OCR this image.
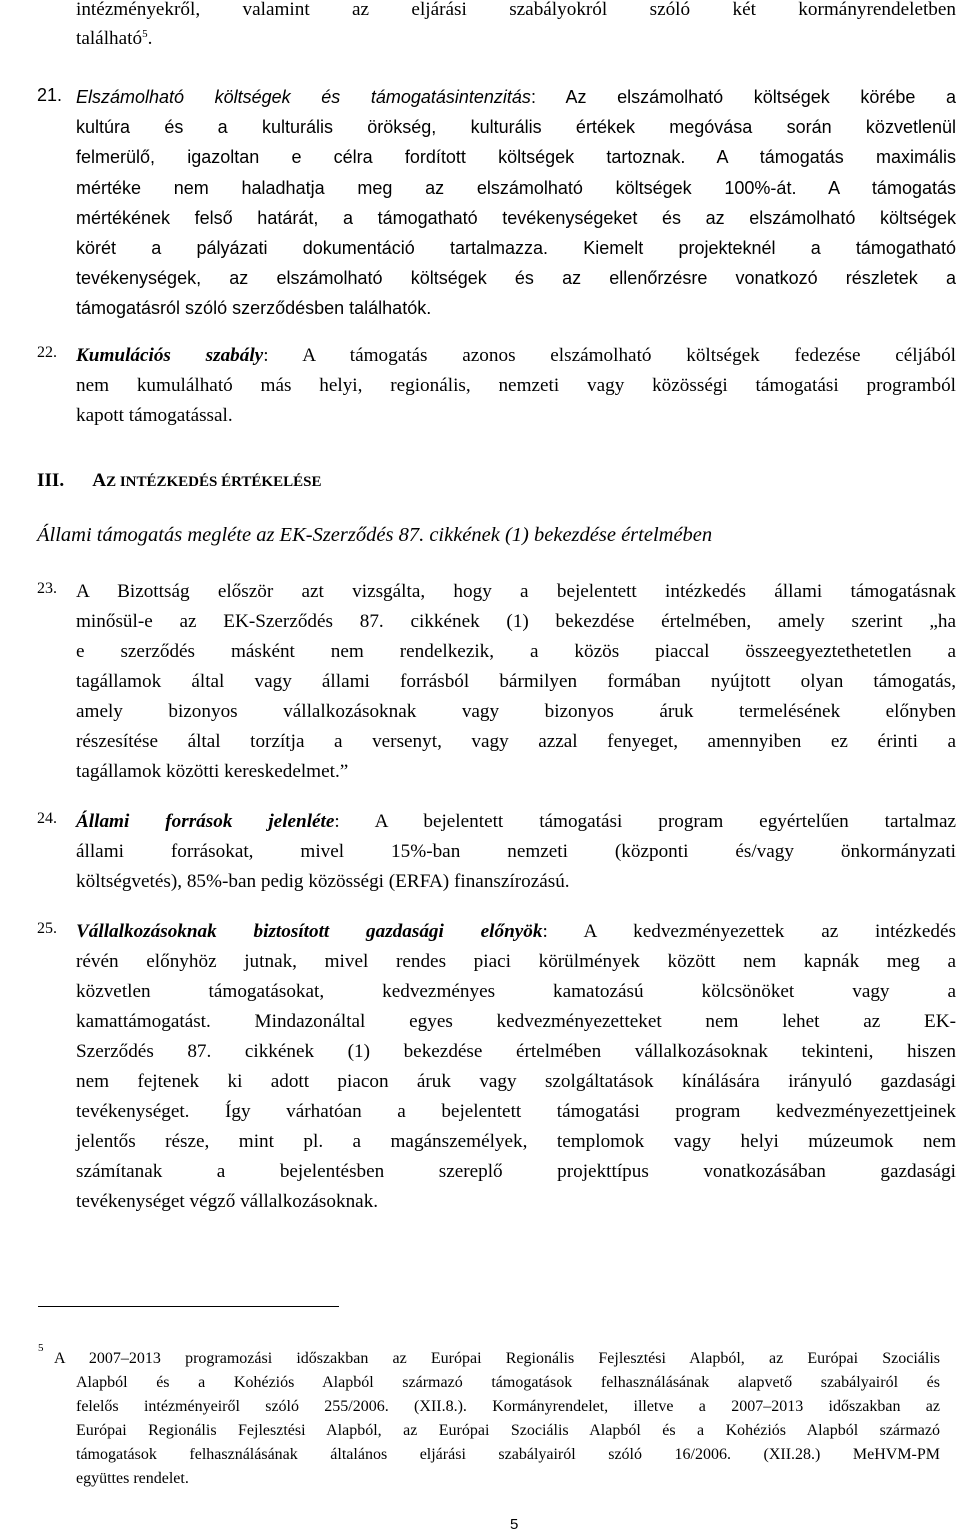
intézményekről, valamint az eljárási szabályokról szóló két kormányrendeletben
található$^5$.
21. Elszámolható költségek és támogatásintenzitás: Az elszámolható költségek körébe a
kultúra és a kulturális örökség, kulturális értékek megóvása során közvetlenül
felmerülő, igazoltan e célra fordított költségek tartoznak. A támogatás maximális
mértéke nem haladhatja meg az elszámolható költségek 100%-át. A támogatás
mértékének felső határát, a támogatható tevékenységeket és az elszámolható költségek
körét a pályázati dokumentáció tartalmazza. Kiemelt projekteknél a támogatható
tevékenységek, az elszámolható költségek és az ellenőrzésre vonatkozó részletek a
támogatásról szóló szerződésben találhatók.
22. Kumulációs szabály: A támogatás azonos elszámolható költségek fedezése céljából
nem kumulálható más helyi, regionális, nemzeti vagy közösségi támogatási programból
kapott támogatással.
III. AZ INTÉZKEDÉS ÉRTÉKELÉSE
Állami támogatás megléte az EK-Szerződés 87. cikkének (1) bekezdése értelmében
23. A Bizottság először azt vizsgálta, hogy a bejelentett intézkedés állami támogatásnak
minősül-e az EK-Szerződés 87. cikkének (1) bekezdése értelmében, amely szerint „ha
e szerződés másként nem rendelkezik, a közös piaccal összeegyeztethetetlen a
tagállamok által vagy állami forrásból bármilyen formában nyújtott olyan támogatás,
amely bizonyos vállalkozásoknak vagy bizonyos áruk termelésének előnyben
részesítése által torzítja a versenyt, vagy azzal fenyeget, amennyiben ez érinti a
tagállamok közötti kereskedelmet.”
24. Állami források jelenléte: A bejelentett támogatási program egyértelűen tartalmaz
állami forrásokat, mivel 15%-ban nemzeti (központi és/vagy önkormányzati
költségvetés), 85%-ban pedig közösségi (ERFA) finanszírozású.
25. Vállalkozásoknak biztosított gazdasági előnyök: A kedvezményezettek az intézkedés
révén előnyhöz jutnak, mivel rendes piaci körülmények között nem kapnák meg a
közvetlen támogatásokat, kedvezményes kamatozású kölcsönöket vagy a
kamattámogatást. Mindazonáltal egyes kedvezményezetteket nem lehet az EK-
Szerződés 87. cikkének (1) bekezdése értelmében vállalkozásoknak tekinteni, hiszen
nem fejtenek ki adott piacon áruk vagy szolgáltatások kínálására irányuló gazdasági
tevékenységet. Így várhatóan a bejelentett támogatási program kedvezményezettjeinek
jelentős része, mint pl. a magánszemélyek, templomok vagy helyi múzeumok nem
számítanak a bejelentésben szereplő projekttípus vonatkozásában gazdasági
tevékenységet végző vállalkozásoknak.
5
A 2007–2013 programozási időszakban az Európai Regionális Fejlesztési Alapból, az Európai Szociális
Alapból és a Kohéziós Alapból származó támogatások felhasználásának alapvető szabályairól és
felelős intézményeiről szóló 255/2006. (XII.8.). Kormányrendelet, illetve a 2007–2013 időszakban az
Európai Regionális Fejlesztési Alapból, az Európai Szociális Alapból és a Kohéziós Alapból származó
támogatások felhasználásának általános eljárási szabályairól szóló 16/2006. (XII.28.) MeHVM-PM
együttes rendelet.
5
